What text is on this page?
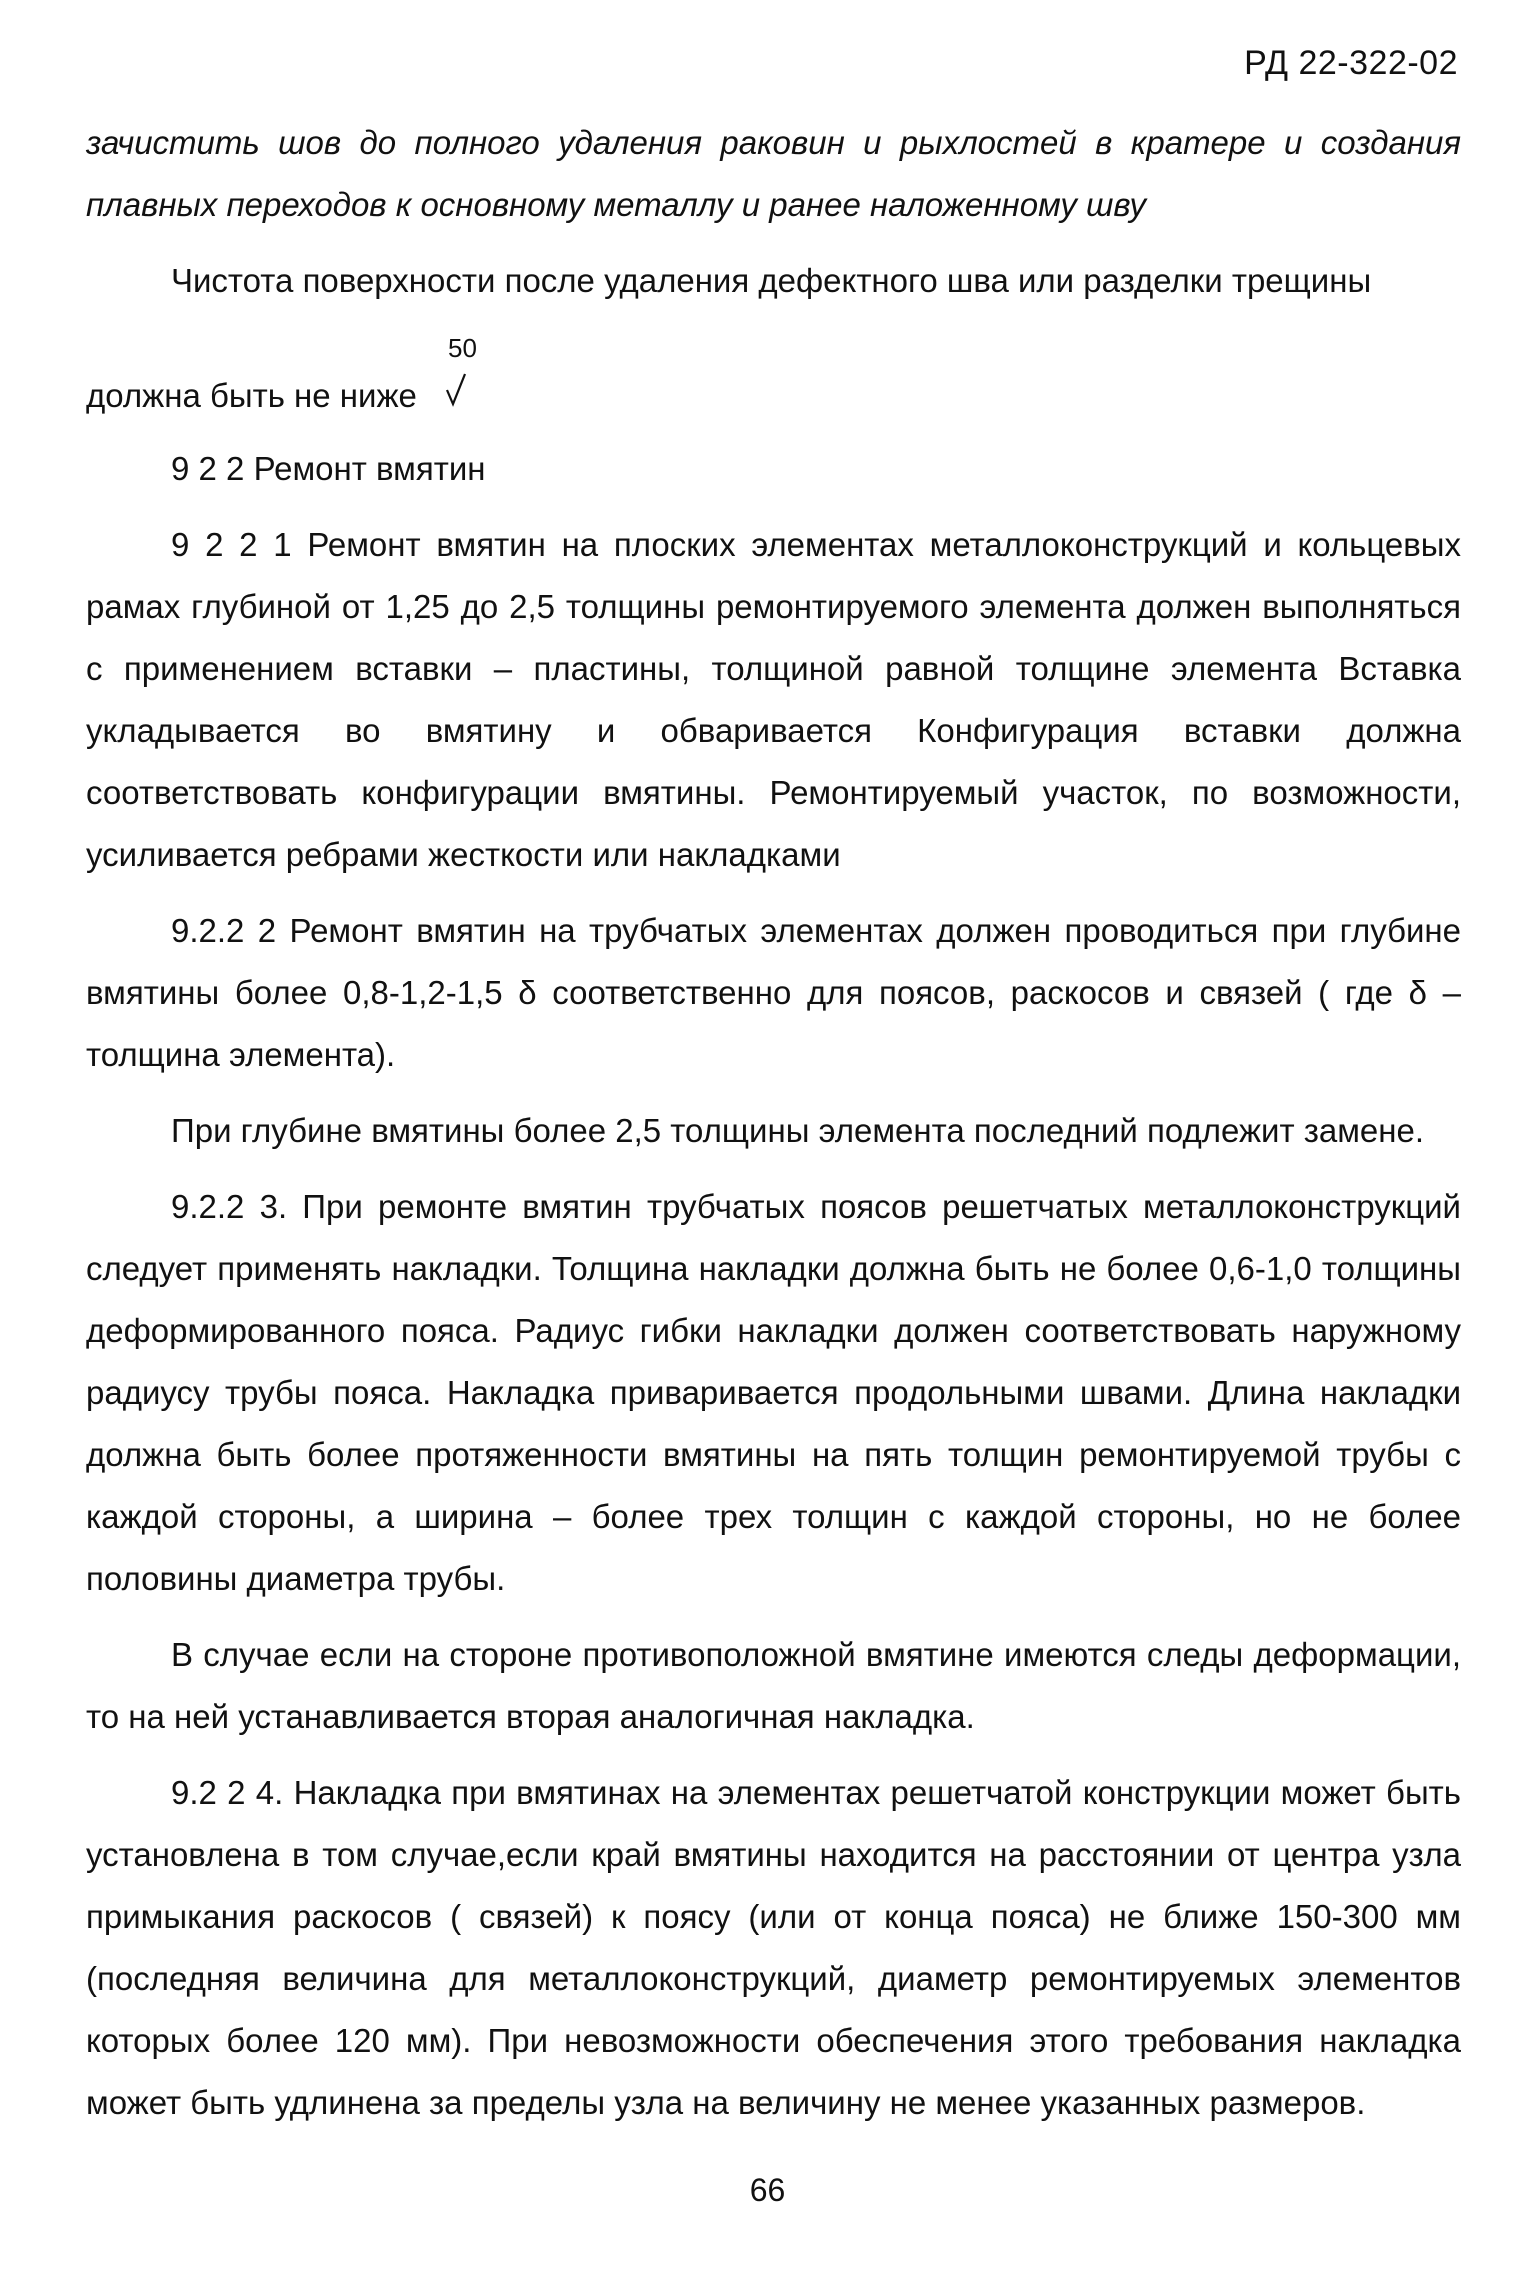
РД 22-322-02

зачистить шов до полного удаления раковин и рыхлостей в кратере и создания плавных переходов к основному металлу и ранее наложенному шву

Чистота поверхности после удаления дефектного шва или разделки трещины

должна быть не ниже
50

9 2 2 Ремонт вмятин

9 2 2 1 Ремонт вмятин на плоских элементах металлоконструкций и кольцевых рамах глубиной от 1,25 до 2,5 толщины ремонтируемого элемента должен выполняться с применением вставки – пластины, толщиной равной толщине элемента Вставка укладывается во вмятину и обваривается Конфигурация вставки должна соответствовать конфигурации вмятины. Ремонтируемый участок, по возможности, усиливается ребрами жесткости или накладками

9.2.2 2 Ремонт вмятин на трубчатых элементах должен проводиться при глубине вмятины более 0,8-1,2-1,5 δ соответственно для поясов, раскосов и связей ( где δ – толщина элемента).

При глубине вмятины более 2,5 толщины элемента последний подлежит замене.

9.2.2 3. При ремонте вмятин трубчатых поясов решетчатых металлоконструкций следует применять накладки. Толщина накладки должна быть не более 0,6-1,0 толщины деформированного пояса. Радиус гибки накладки должен соответствовать наружному радиусу трубы пояса. Накладка приваривается продольными швами. Длина накладки должна быть более протяженности вмятины на пять толщин ремонтируемой трубы с каждой стороны, а ширина – более трех толщин с каждой стороны, но не более половины диаметра трубы.

В случае если на стороне противоположной вмятине имеются следы деформации, то на ней устанавливается вторая аналогичная накладка.

9.2 2 4. Накладка при вмятинах на элементах решетчатой конструкции может быть установлена в том случае,если край вмятины находится на расстоянии от центра узла примыкания раскосов ( связей) к поясу (или от конца пояса) не ближе 150-300 мм (последняя величина для металлоконструкций, диаметр ремонтируемых элементов которых более 120 мм). При невозможности обеспечения этого требования накладка может быть удлинена за пределы узла на величину не менее указанных размеров.

66
